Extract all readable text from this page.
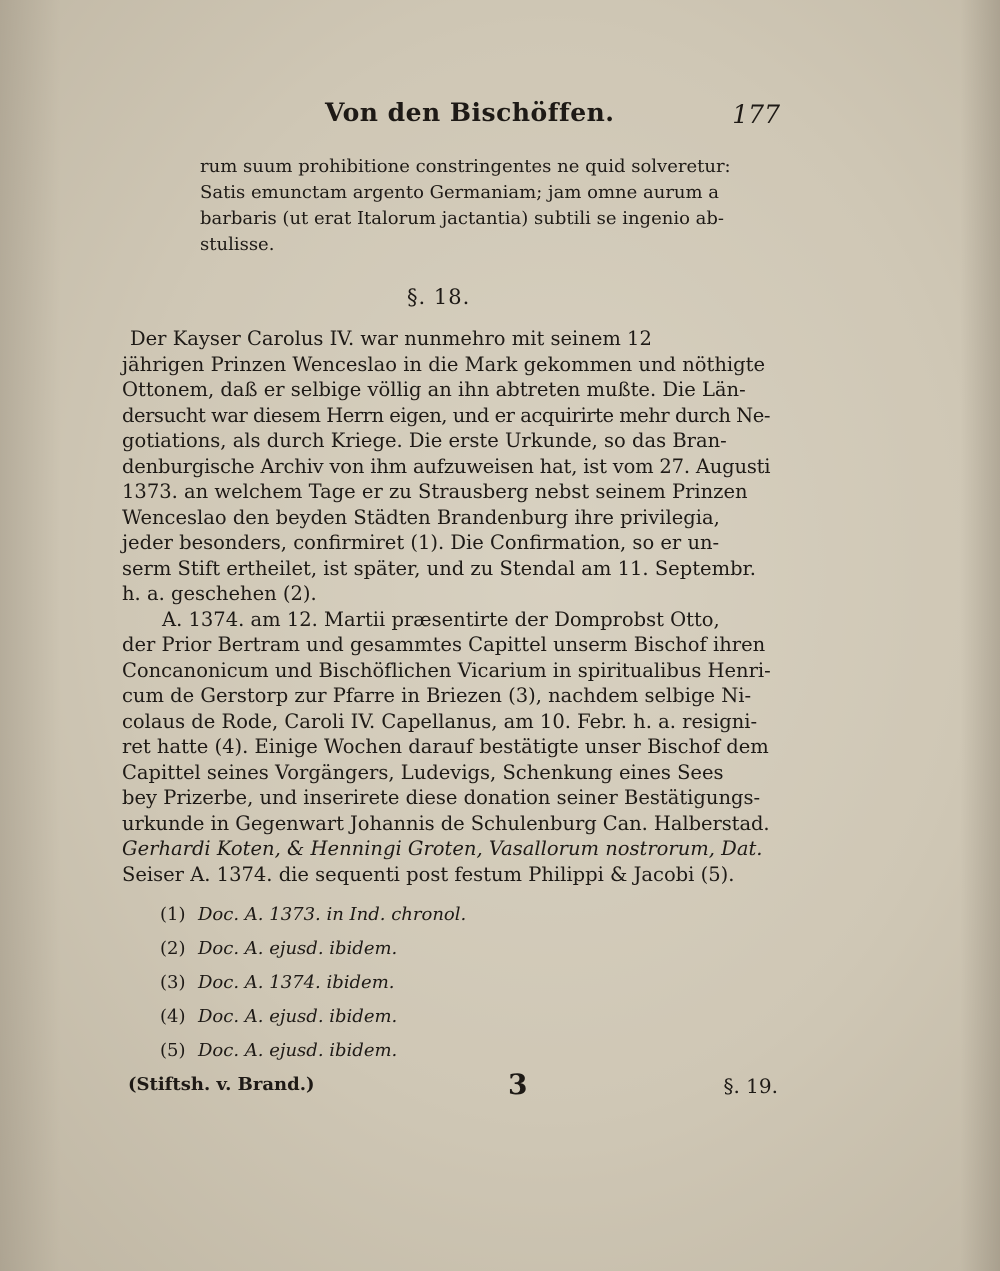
Von den Bischöffen.	177
rum suum prohibitione constringentes ne quid solveretur:
Satis emunctam argento Germaniam; jam omne aurum a
barbaris (ut erat Italorum jactantia) subtili se ingenio ab-
stulisse.
§. 18.
Der Kayser Carolus IV. war nunmehro mit seinem 12
jährigen Prinzen Wenceslao in die Mark gekommen und nöthigte
Ottonem, daß er selbige völlig an ihn abtreten mußte. Die Län-
dersucht war diesem Herrn eigen, und er acquirirte mehr durch Ne-
gotiations, als durch Kriege. Die erste Urkunde, so das Bran-
denburgische Archiv von ihm aufzuweisen hat, ist vom 27. Augusti
1373. an welchem Tage er zu Strausberg nebst seinem Prinzen
Wenceslao den beyden Städten Brandenburg ihre privilegia,
jeder besonders, confirmiret (1). Die Confirmation, so er un-
serm Stift ertheilet, ist später, und zu Stendal am 11. Septembr.
h. a. geschehen (2).
A. 1374. am 12. Martii præsentirte der Domprobst Otto,
der Prior Bertram und gesammtes Capittel unserm Bischof ihren
Concanonicum und Bischöflichen Vicarium in spiritualibus Henri-
cum de Gerstorp zur Pfarre in Briezen (3), nachdem selbige Ni-
colaus de Rode, Caroli IV. Capellanus, am 10. Febr. h. a. resigni-
ret hatte (4). Einige Wochen darauf bestätigte unser Bischof dem
Capittel seines Vorgängers, Ludevigs, Schenkung eines Sees
bey Prizerbe, und inserirete diese donation seiner Bestätigungs-
urkunde in Gegenwart Johannis de Schulenburg Can. Halberstad.
Gerhardi Koten, & Henningi Groten, Vasallorum nostrorum, Dat.
Seiser A. 1374. die sequenti post festum Philippi & Jacobi (5).
(1) Doc. A. 1373. in Ind. chronol.
(2) Doc. A. ejusd. ibidem.
(3) Doc. A. 1374. ibidem.
(4) Doc. A. ejusd. ibidem.
(5) Doc. A. ejusd. ibidem.
(Stiftsh. v. Brand.)	3	§. 19.
